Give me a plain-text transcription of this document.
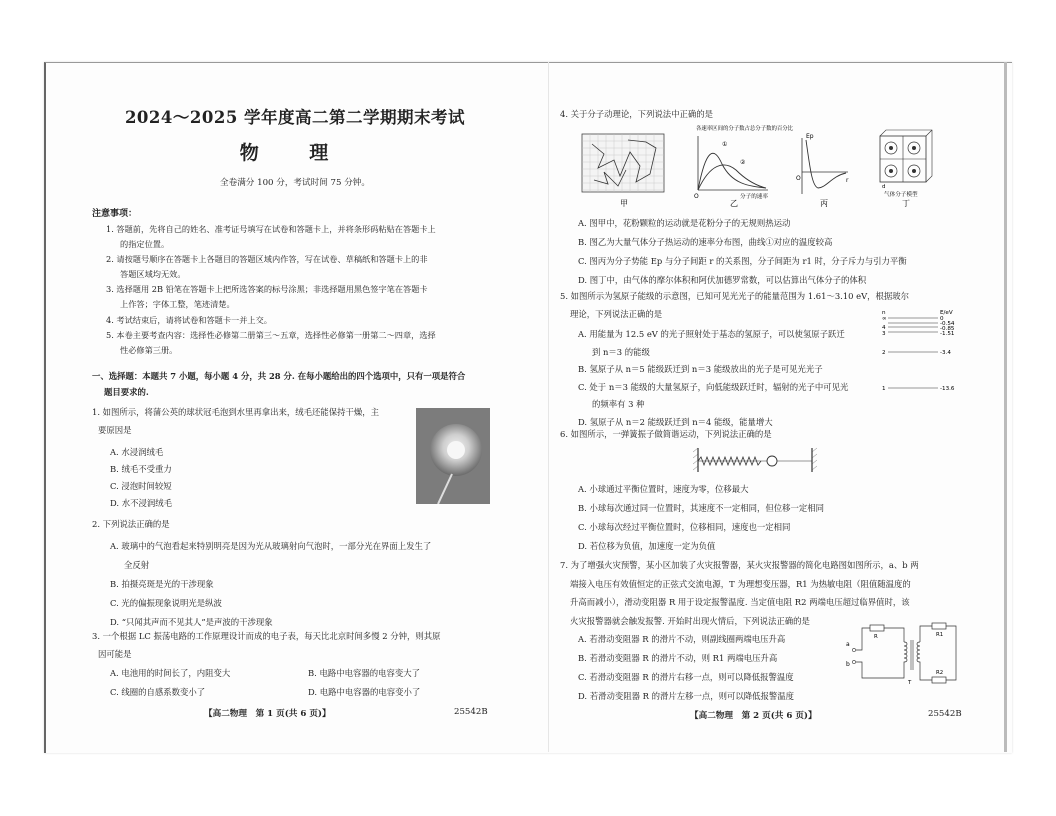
2024～2025 学年度高二第二学期期末考试
物 理
全卷满分 100 分，考试时间 75 分钟。
注意事项：
1. 答题前，先将自己的姓名、准考证号填写在试卷和答题卡上，并将条形码粘贴在答题卡上
的指定位置。
2. 请按题号顺序在答题卡上各题目的答题区域内作答，写在试卷、草稿纸和答题卡上的非
答题区域均无效。
3. 选择题用 2B 铅笔在答题卡上把所选答案的标号涂黑；非选择题用黑色签字笔在答题卡
上作答；字体工整，笔迹清楚。
4. 考试结束后，请将试卷和答题卡一并上交。
5. 本卷主要考查内容：选择性必修第二册第三～五章，选择性必修第一册第二～四章，选择
性必修第三册。
一、选择题：本题共 7 小题，每小题 4 分，共 28 分. 在每小题给出的四个选项中，只有一项是符合
题目要求的.
1. 如图所示，将蒲公英的球状冠毛泡到水里再拿出来，绒毛还能保持干燥，主
要原因是
A. 水浸润绒毛
B. 绒毛不受重力
C. 浸泡时间较短
D. 水不浸润绒毛
2. 下列说法正确的是
A. 玻璃中的气泡看起来特别明亮是因为光从玻璃射向气泡时，一部分光在界面上发生了
全反射
B. 拍摄亮斑是光的干涉现象
C. 光的偏振现象说明光是纵波
D. “只闻其声而不见其人”是声波的干涉现象
3. 一个根据 LC 振荡电路的工作原理设计而成的电子表，每天比北京时间多慢 2 分钟，则其原
因可能是
A. 电池用的时间长了，内阻变大	B. 电路中电容器的电容变大了
C. 线圈的自感系数变小了	D. 电路中电容器的电容变小了
【高二物理　第 1 页(共 6 页)】	25542B
4. 关于分子动理论，下列说法中正确的是
甲
各速率区间的分子数占总分子数的百分比
①
②
O	分子的速率
乙
Ep
r
O
丙
d
气体分子模型
丁
A. 图甲中，花粉颗粒的运动就是花粉分子的无规则热运动
B. 图乙为大量气体分子热运动的速率分布图，曲线①对应的温度较高
C. 图丙为分子势能 Ep 与分子间距 r 的关系图，分子间距为 r1 时，分子斥力与引力平衡
D. 图丁中，由气体的摩尔体积和阿伏加德罗常数，可以估算出气体分子的体积
5. 如图所示为氢原子能级的示意图，已知可见光光子的能量范围为 1.61～3.10 eV，根据玻尔
理论，下列说法正确的是
A. 用能量为 12.5 eV 的光子照射处于基态的氢原子，可以使氢原子跃迁
到 n＝3 的能级
B. 氢原子从 n＝5 能级跃迁到 n＝3 能级放出的光子是可见光光子
C. 处于 n＝3 能级的大量氢原子，向低能级跃迁时，辐射的光子中可见光
的频率有 3 种
D. 氢原子从 n＝2 能级跃迁到 n＝4 能级，能量增大
n	E/eV
∞	0
-0.54
4	-0.85
3	-1.51
2	-3.4
1	-13.6
6. 如图所示，一弹簧振子做简谐运动，下列说法正确的是
A. 小球通过平衡位置时，速度为零，位移最大
B. 小球每次通过同一位置时，其速度不一定相同，但位移一定相同
C. 小球每次经过平衡位置时，位移相同，速度也一定相同
D. 若位移为负值，加速度一定为负值
7. 为了增强火灾预警，某小区加装了火灾报警器，某火灾报警器的简化电路图如图所示，a、b 两
端接入电压有效值恒定的正弦式交流电源，T 为理想变压器，R1 为热敏电阻（阻值随温度的
升高而减小），滑动变阻器 R 用于设定报警温度. 当定值电阻 R2 两端电压超过临界值时，该
火灾报警器就会触发报警. 开始时出现火情后，下列说法正确的是
A. 若滑动变阻器 R 的滑片不动，则副线圈两端电压升高
B. 若滑动变阻器 R 的滑片不动，则 R1 两端电压升高
C. 若滑动变阻器 R 的滑片右移一点，则可以降低报警温度
D. 若滑动变阻器 R 的滑片左移一点，则可以降低报警温度
a
b
R
T
R1
R2
【高二物理　第 2 页(共 6 页)】	25542B
